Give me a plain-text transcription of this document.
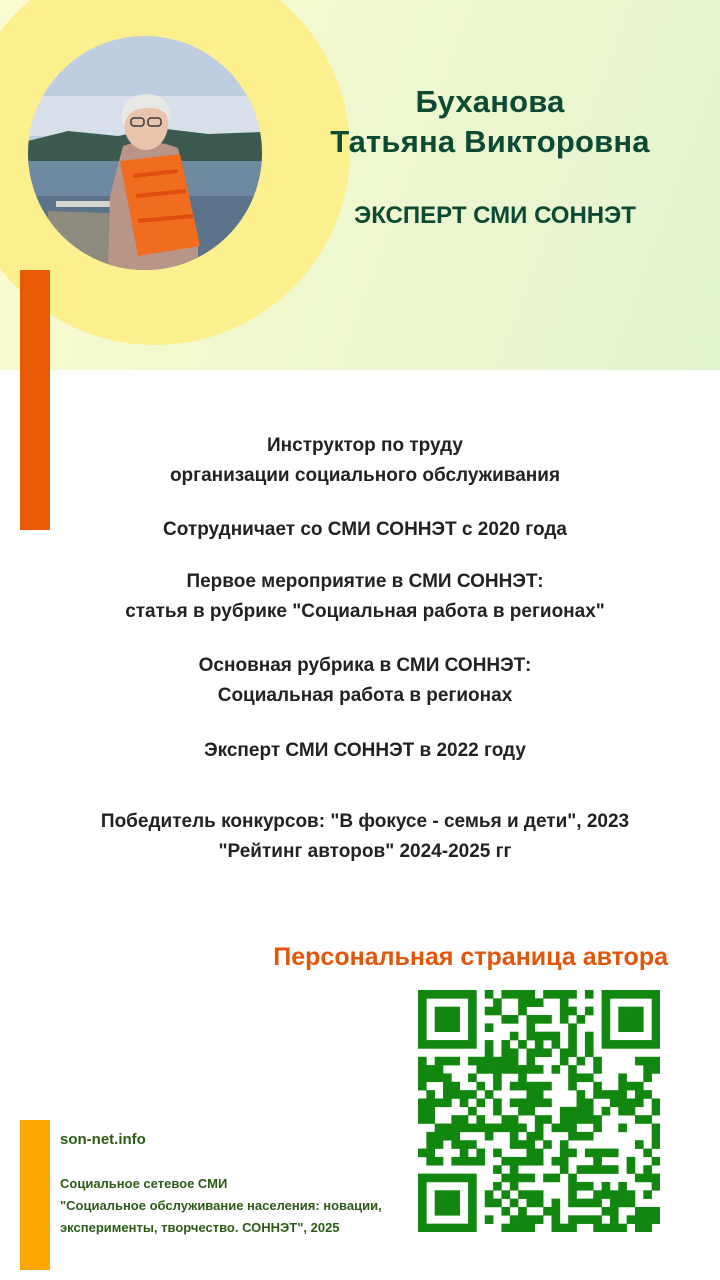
Буханова
Татьяна Викторовна
ЭКСПЕРТ СМИ СОННЭТ
Инструктор по труду
организации социального обслуживания
Сотрудничает со СМИ СОННЭТ с 2020 года
Первое мероприятие в СМИ СОННЭТ:
статья в рубрике "Социальная работа в регионах"
Основная рубрика в СМИ СОННЭТ:
Социальная работа в регионах
Эксперт СМИ СОННЭТ в 2022 году
Победитель конкурсов: "В фокусе - семья и дети", 2023
"Рейтинг авторов" 2024-2025 гг
Персональная страница автора
son-net.info
Социальное сетевое СМИ
"Социальное обслуживание населения: новации,
эксперименты, творчество. СОННЭТ", 2025
